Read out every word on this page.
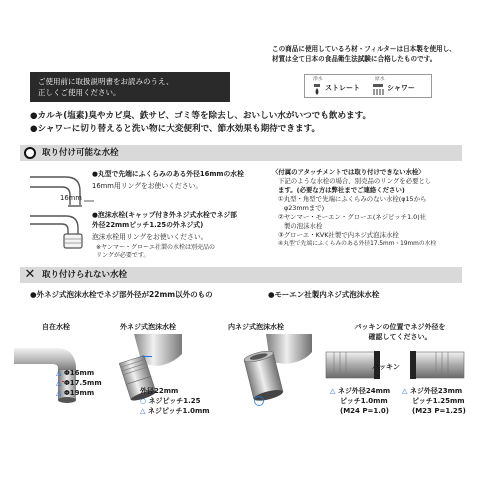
ご使用前に取扱説明書をお読みのうえ、
正しくご使用ください。
この商品に使用しているろ材・フィルターは日本製を使用し、
材質は全て日本の食品衛生法試験に合格したものです。
浄水
ストレート
原水
シャワー
●カルキ(塩素)臭やカビ臭、鉄サビ、ゴミ等を除去し、おいしい水がいつでも飲めます。
●シャワーに切り替えると洗い物に大変便利で、節水効果も期待できます。
取り付け可能な水栓
16mm
●丸型で先端にふくらみのある外径16mmの水栓
16mm用リングをお使いください。
●泡沫水栓(キャップ付き外ネジ式水栓でネジ部
外径22mmピッチ1.25の外ネジ式)
泡沫水栓用リングをお使いください。
※ヤンマー・グローエ社製の水栓は別売品の
リングが必要です。
〈付属のアタッチメントでは取り付けできない水栓〉
下記のような水栓の場合、別売品のリングを必要とし
ます。(必要な方は弊社までご連絡ください)
①丸型・角型で先端にふくらみのない水栓(φ15から
φ23mmまで)
②ヤンマー・モーエン・グローエ(ネジピッチ1.0)社
製の泡沫水栓
③グローエ・KVK社製で内ネジ式泡沫水栓
④丸型で先端にふくらみのある外径17.5mm・19mmの水栓
取り付けられない水栓
✕
●外ネジ式泡沫水栓でネジ部外径が22mm以外のもの	●モーエン社製内ネジ式泡沫水栓
自在水栓	外ネジ式泡沫水栓	内ネジ式泡沫水栓	パッキンの位置でネジ外径を
確認してください。
△ Φ16mm
△ Φ17.5mm
△ Φ19mm	外径22mm
○ ネジピッチ1.25
△ ネジピッチ1.0mm
パッキン
△ ネジ外径24mm
ピッチ1.0mm
(M24 P=1.0)
△ ネジ外径23mm
ピッチ1.25mm
(M23 P=1.25)
